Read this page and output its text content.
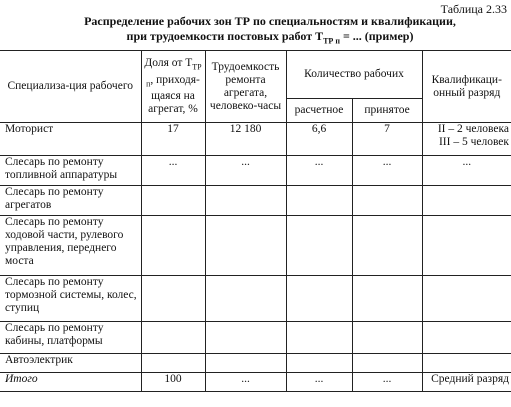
Таблица 2.33
Распределение рабочих зон ТР по специальностям и квалификации,
при трудоемкости постовых работ $Т_{ТР п}$ = ... (пример)
Специализа-ция рабочего	Доля от $Т_{ТР п}$, приходя-щаяся на агрегат, %	Трудоемкость ремонта агрегата, человеко-часы	Количество рабочих		Квалификаци-онный разряд
			расчетное	принятое	
Моторист	17	12 180	6,6	7	II – 2 человека
III – 5 человек

Слесарь по ремонту топливной аппаратуры	...	...	...	...	...
Слесарь по ремонту агрегатов					
Слесарь по ремонту ходовой части, рулевого управления, переднего моста					
Слесарь по ремонту тормозной системы, колес, ступиц					
Слесарь по ремонту кабины, платформы					
Автоэлектрик					
Итого	100	...	...	...	Средний разряд
